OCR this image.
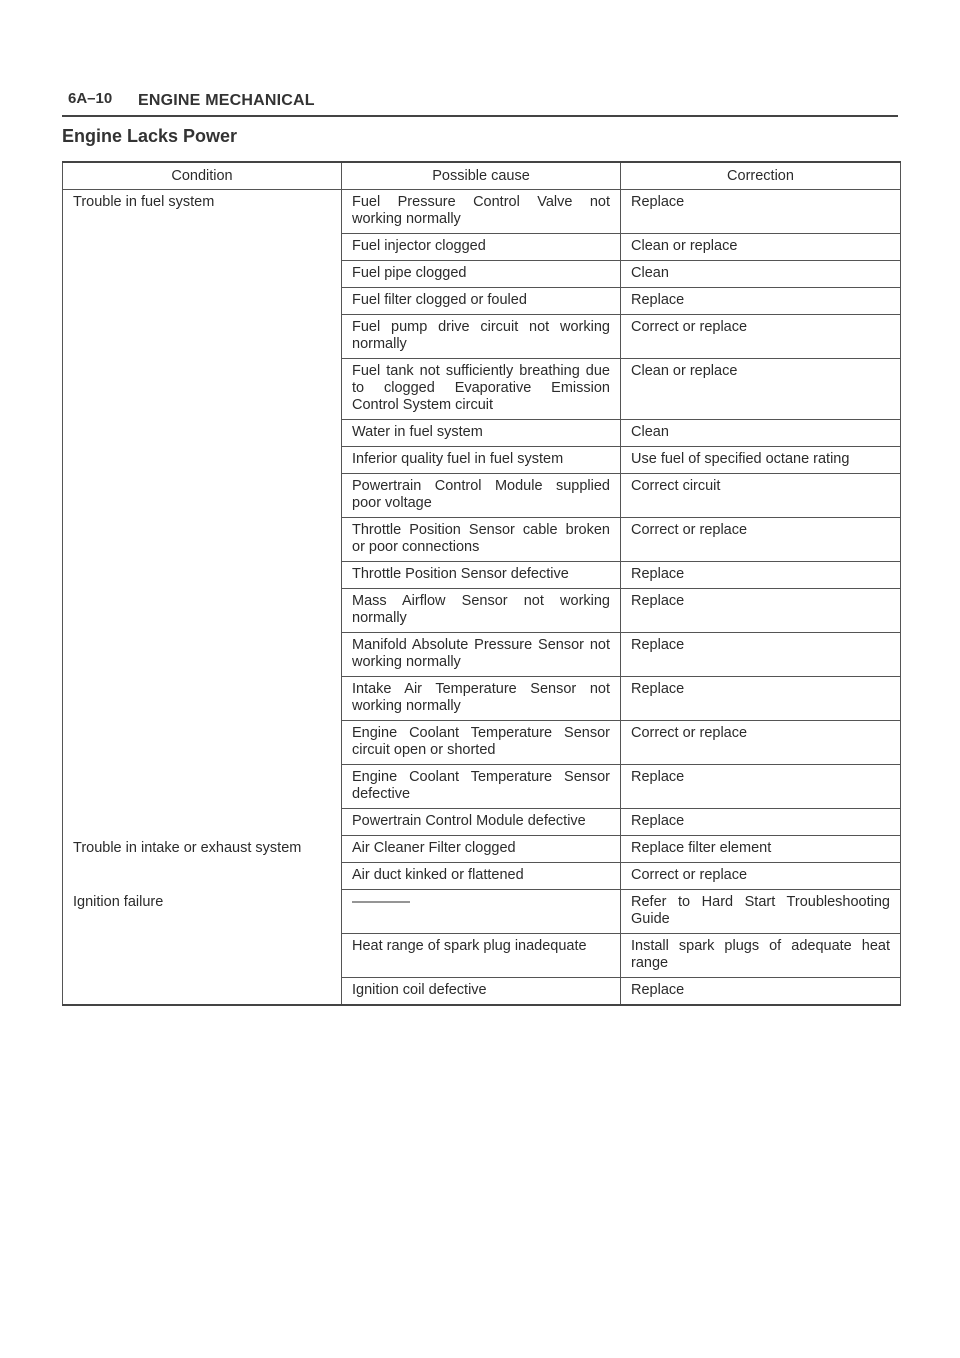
6A–10 ENGINE MECHANICAL
Engine Lacks Power
Condition	Possible cause	Correction
Trouble in fuel system	Fuel Pressure Control Valve not working normally	Replace
	Fuel injector clogged	Clean or replace
	Fuel pipe clogged	Clean
	Fuel filter clogged or fouled	Replace
	Fuel pump drive circuit not working normally	Correct or replace
	Fuel tank not sufficiently breathing due to clogged Evaporative Emission Control System circuit	Clean or replace
	Water in fuel system	Clean
	Inferior quality fuel in fuel system	Use fuel of specified octane rating
	Powertrain Control Module supplied poor voltage	Correct circuit
	Throttle Position Sensor cable broken or poor connections	Correct or replace
	Throttle Position Sensor defective	Replace
	Mass Airflow Sensor not working normally	Replace
	Manifold Absolute Pressure Sensor not working normally	Replace
	Intake Air Temperature Sensor not working normally	Replace
	Engine Coolant Temperature Sensor circuit open or shorted	Correct or replace
	Engine Coolant Temperature Sensor defective	Replace
	Powertrain Control Module defective	Replace
Trouble in intake or exhaust system	Air Cleaner Filter clogged	Replace filter element
	Air duct kinked or flattened	Correct or replace
Ignition failure	————	Refer to Hard Start Troubleshooting Guide
	Heat range of spark plug inadequate	Install spark plugs of adequate heat range
	Ignition coil defective	Replace
